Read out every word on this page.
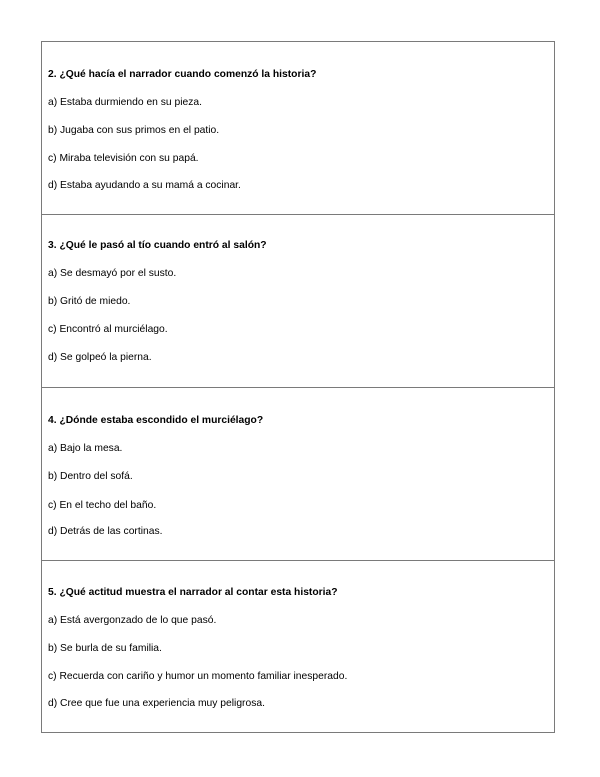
2. ¿Qué hacía el narrador cuando comenzó la historia?
a) Estaba durmiendo en su pieza.
b) Jugaba con sus primos en el patio.
c) Miraba televisión con su papá.
d) Estaba ayudando a su mamá a cocinar.
3. ¿Qué le pasó al tío cuando entró al salón?
a) Se desmayó por el susto.
b) Gritó de miedo.
c) Encontró al murciélago.
d) Se golpeó la pierna.
4. ¿Dónde estaba escondido el murciélago?
a) Bajo la mesa.
b) Dentro del sofá.
c) En el techo del baño.
d) Detrás de las cortinas.
5. ¿Qué actitud muestra el narrador al contar esta historia?
a) Está avergonzado de lo que pasó.
b) Se burla de su familia.
c) Recuerda con cariño y humor un momento familiar inesperado.
d) Cree que fue una experiencia muy peligrosa.
